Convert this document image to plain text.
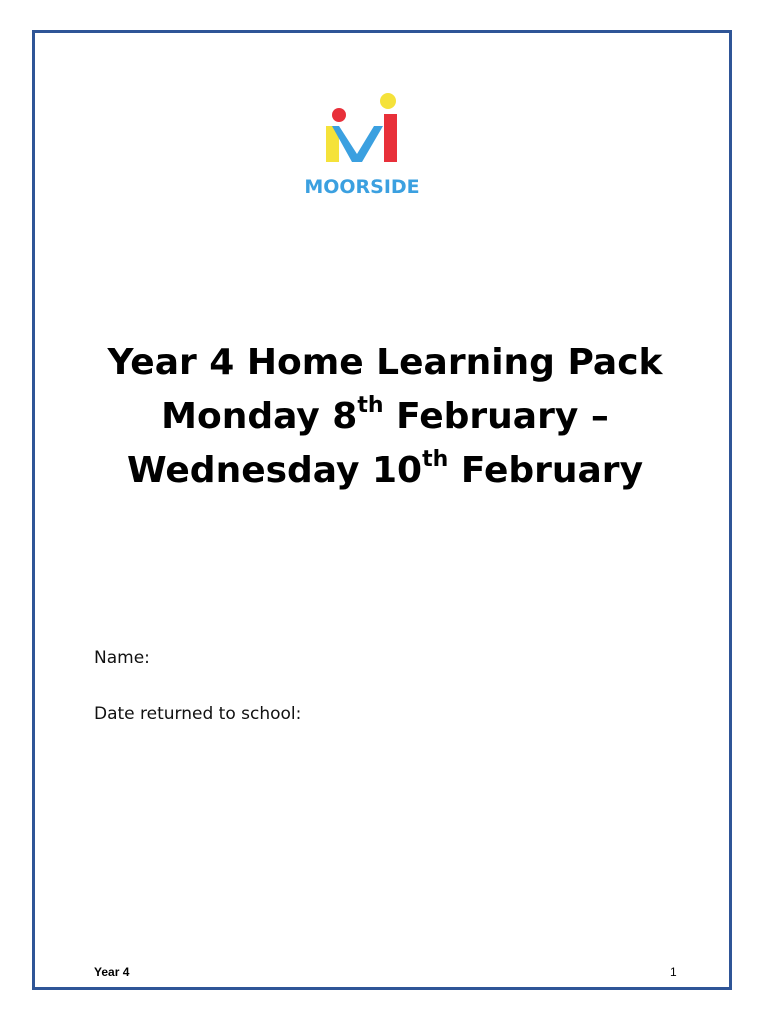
MOORSIDE
Year 4 Home Learning Pack
Monday 8th February –
Wednesday 10th February
Name:
Date returned to school:
Year 4	1
